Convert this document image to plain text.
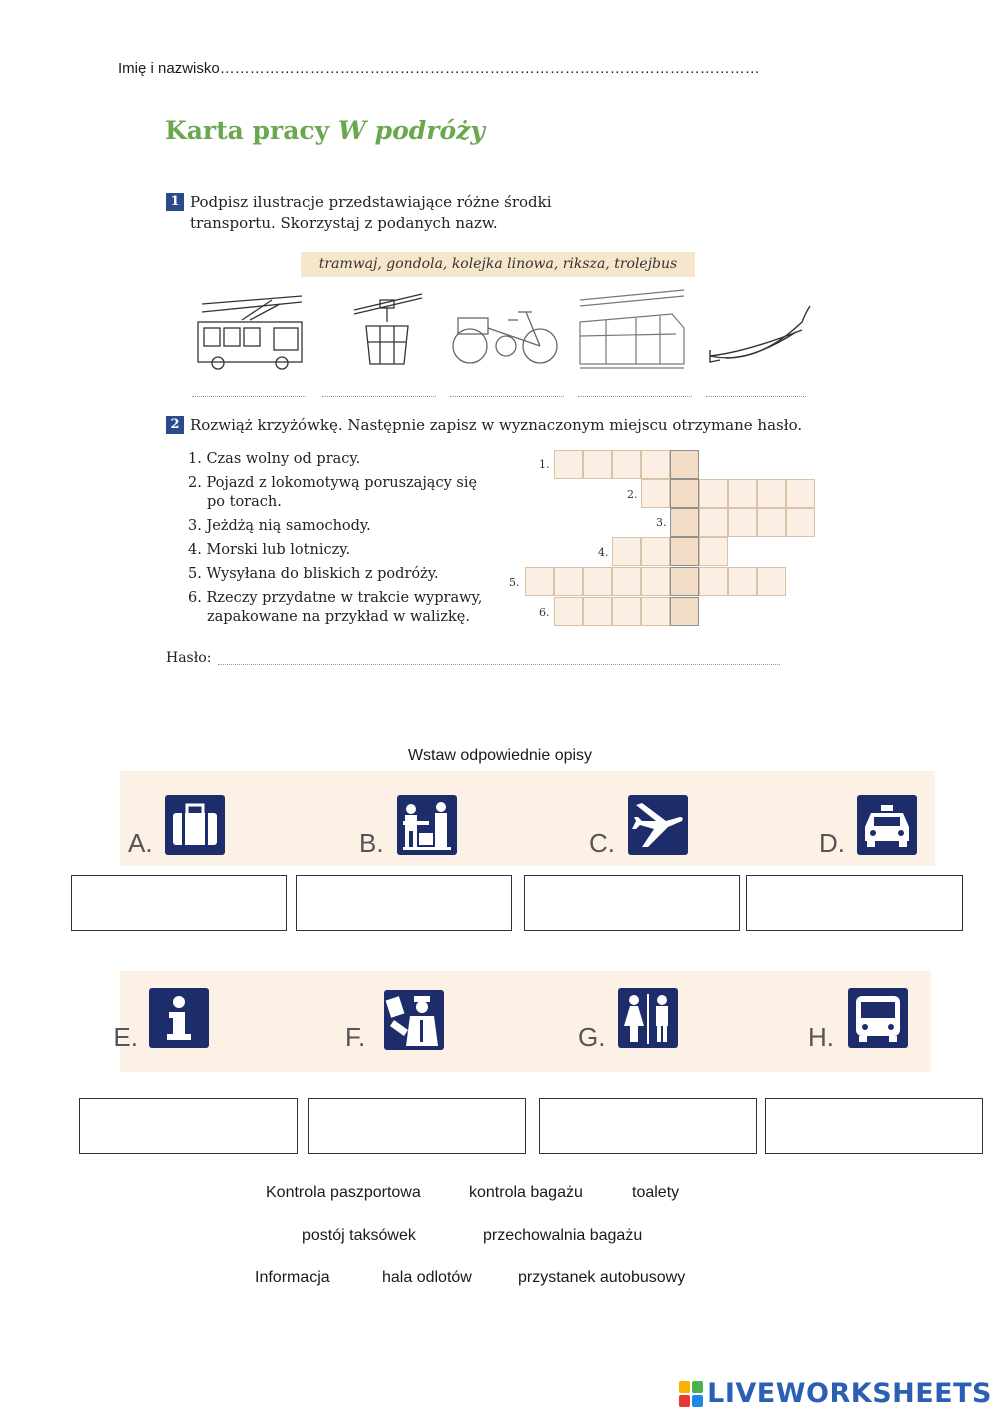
Imię i nazwisko………………………………………………………………………………………………
Karta pracy W podróży
1 Podpisz ilustracje przedstawiające różne środki
transportu. Skorzystaj z podanych nazw.
tramwaj, gondola, kolejka linowa, riksza, trolejbus
2 Rozwiąż krzyżówkę. Następnie zapisz w wyznaczonym miejscu otrzymane hasło.
1. Czas wolny od pracy.
2. Pojazd z lokomotywą poruszający się
po torach.
3. Jeżdżą nią samochody.
4. Morski lub lotniczy.
5. Wysyłana do bliskich z podróży.
6. Rzeczy przydatne w trakcie wyprawy,
zapakowane na przykład w walizkę.
1.
2.
3.
4.
5.
6.
Hasło:
Wstaw odpowiednie opisy
A.	B.	C.	D.
E.	F.	G.	H.
Kontrola paszportowa	kontrola bagażu	toalety
postój taksówek	przechowalnia bagażu
Informacja	hala odlotów	przystanek autobusowy
LIVEWORKSHEETS
